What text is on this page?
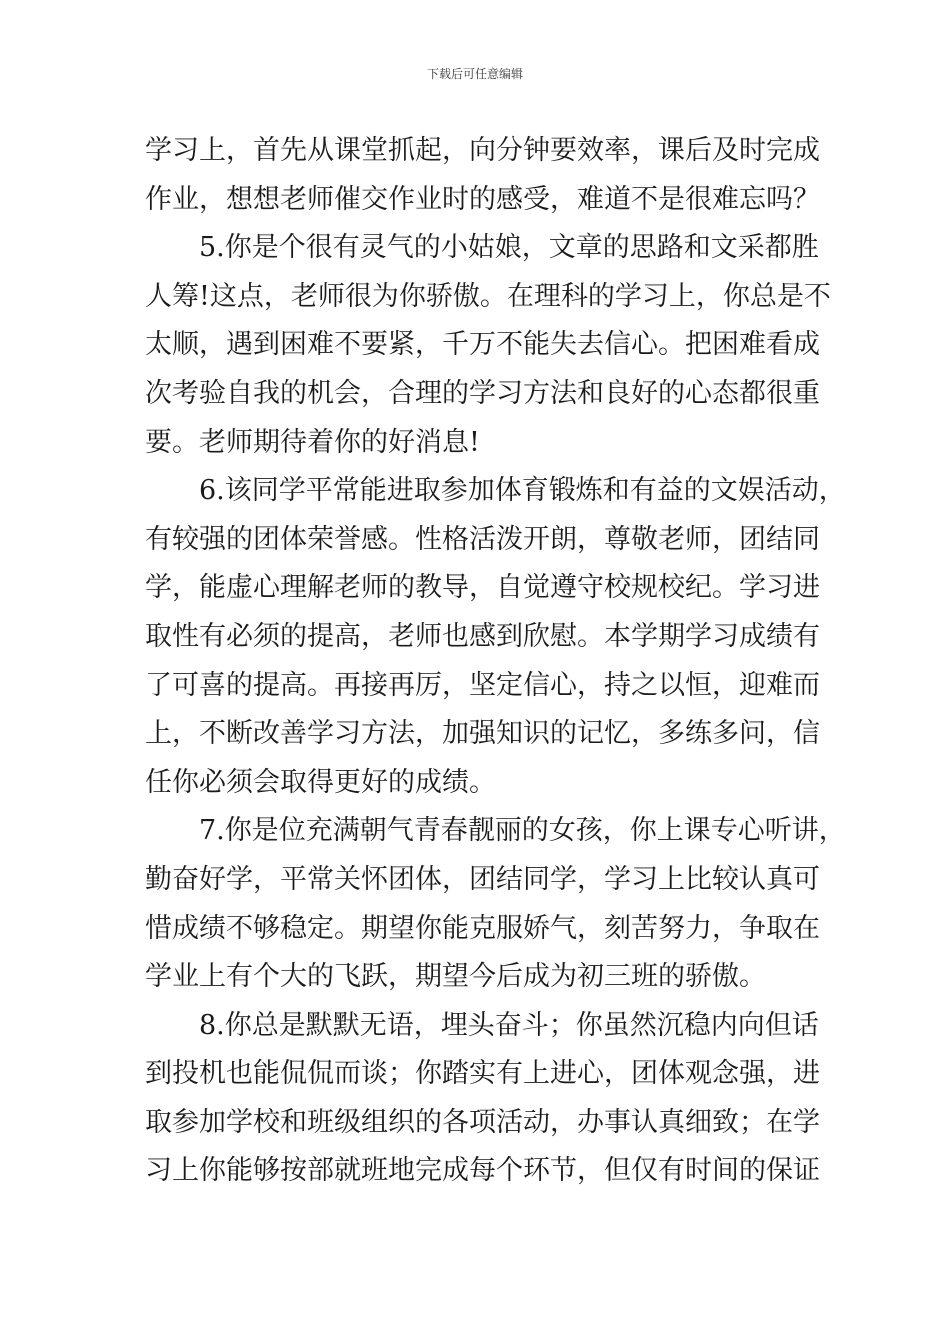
下载后可任意编辑
学习上，首先从课堂抓起，向分钟要效率，课后及时完成
作业，想想老师催交作业时的感受，难道不是很难忘吗？
5.你是个很有灵气的小姑娘，文章的思路和文采都胜
人筹!这点，老师很为你骄傲。在理科的学习上，你总是不
太顺，遇到困难不要紧，千万不能失去信心。把困难看成
次考验自我的机会，合理的学习方法和良好的心态都很重
要。老师期待着你的好消息!
6.该同学平常能进取参加体育锻炼和有益的文娱活动，
有较强的团体荣誉感。性格活泼开朗，尊敬老师，团结同
学，能虚心理解老师的教导，自觉遵守校规校纪。学习进
取性有必须的提高，老师也感到欣慰。本学期学习成绩有
了可喜的提高。再接再厉，坚定信心，持之以恒，迎难而
上，不断改善学习方法，加强知识的记忆，多练多问，信
任你必须会取得更好的成绩。
7.你是位充满朝气青春靓丽的女孩，你上课专心听讲，
勤奋好学，平常关怀团体，团结同学，学习上比较认真可
惜成绩不够稳定。期望你能克服娇气，刻苦努力，争取在
学业上有个大的飞跃，期望今后成为初三班的骄傲。
8.你总是默默无语，埋头奋斗；你虽然沉稳内向但话
到投机也能侃侃而谈；你踏实有上进心，团体观念强，进
取参加学校和班级组织的各项活动，办事认真细致；在学
习上你能够按部就班地完成每个环节，但仅有时间的保证
